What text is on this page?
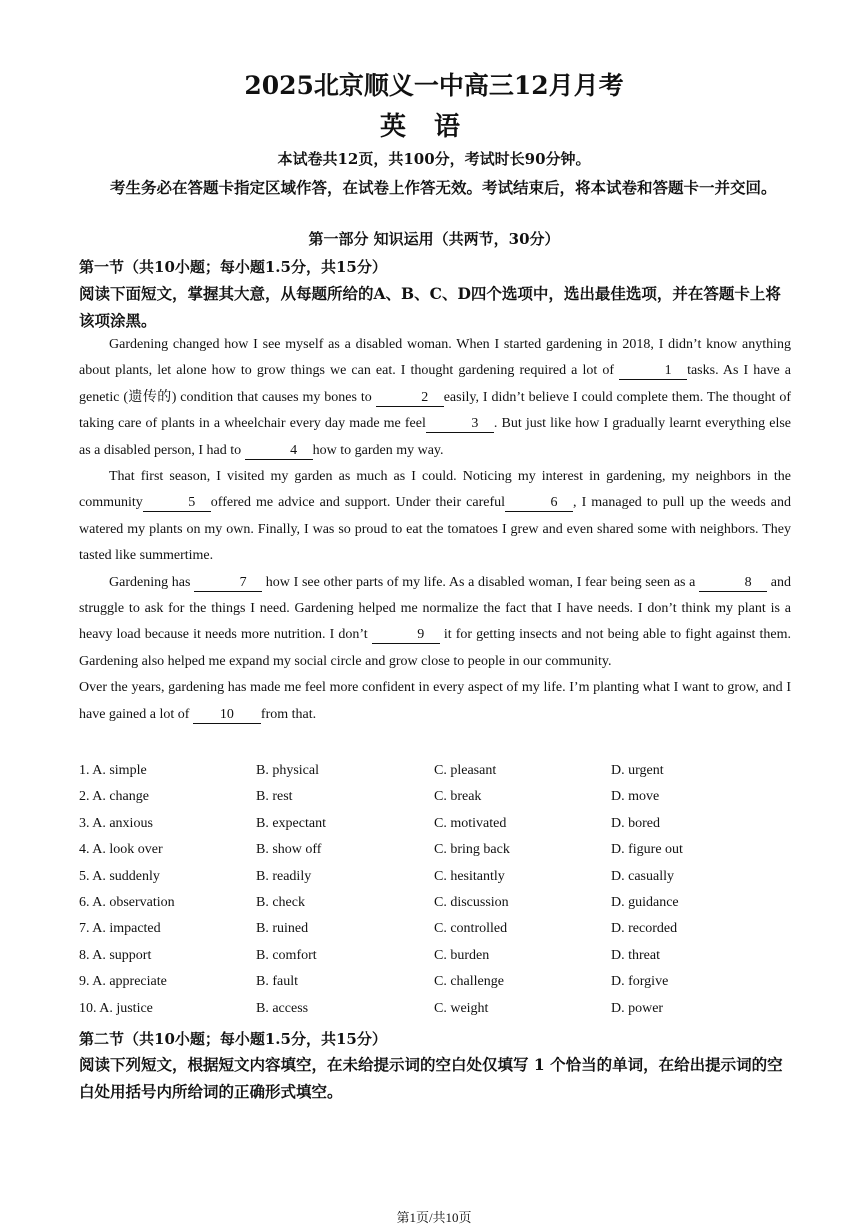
2025北京顺义一中高三12月月考
英语
本试卷共12页，共100分，考试时长90分钟。
考生务必在答题卡指定区域作答，在试卷上作答无效。考试结束后，将本试卷和答题卡一并交回。
第一部分 知识运用（共两节，30分）
第一节（共10小题；每小题1.5分，共15分）
阅读下面短文，掌握其大意，从每题所给的A、B、C、D四个选项中，选出最佳选项，并在答题卡上将该项涂黑。

Gardening changed how I see myself as a disabled woman. When I started gardening in 2018, I didn’t know anything about plants, let alone how to grow things we can eat. I thought gardening required a lot of	1 tasks. As I have a genetic (遗传的) condition that causes my bones to	2 easily, I didn’t believe I could complete them. The thought of taking care of plants in a wheelchair every day made me feel	3 . But just like how I gradually learnt everything else as a disabled person, I had to	4 how to garden my way.

That first season, I visited my garden as much as I could. Noticing my interest in gardening, my neighbors in the community	5 offered me advice and support. Under their careful	6 , I managed to pull up the weeds and watered my plants on my own. Finally, I was so proud to eat the tomatoes I grew and even shared some with neighbors. They tasted like summertime.

Gardening has	7 how I see other parts of my life. As a disabled woman, I fear being seen as a	8 and struggle to ask for the things I need. Gardening helped me normalize the fact that I have needs. I don’t think my plant is a heavy load because it needs more nutrition. I don’t	9 it for getting insects and not being able to fight against them. Gardening also helped me expand my social circle and grow close to people in our community.

Over the years, gardening has made me feel more confident in every aspect of my life. I’m planting what I want to grow, and I have gained a lot of 10 from that.

1. A. simple	B. physical	C. pleasant	D. urgent
2. A. change	B. rest	C. break	D. move
3. A. anxious	B. expectant	C. motivated	D. bored
4. A. look over	B. show off	C. bring back	D. figure out
5. A. suddenly	B. readily	C. hesitantly	D. casually
6. A. observation	B. check	C. discussion	D. guidance
7. A. impacted	B. ruined	C. controlled	D. recorded
8. A. support	B. comfort	C. burden	D. threat
9. A. appreciate	B. fault	C. challenge	D. forgive
10. A. justice	B. access	C. weight	D. power
第二节（共10小题；每小题1.5分，共15分）
阅读下列短文，根据短文内容填空，在未给提示词的空白处仅填写 1 个恰当的单词，在给出提示词的空白处用括号内所给词的正确形式填空。
第1页/共10页
